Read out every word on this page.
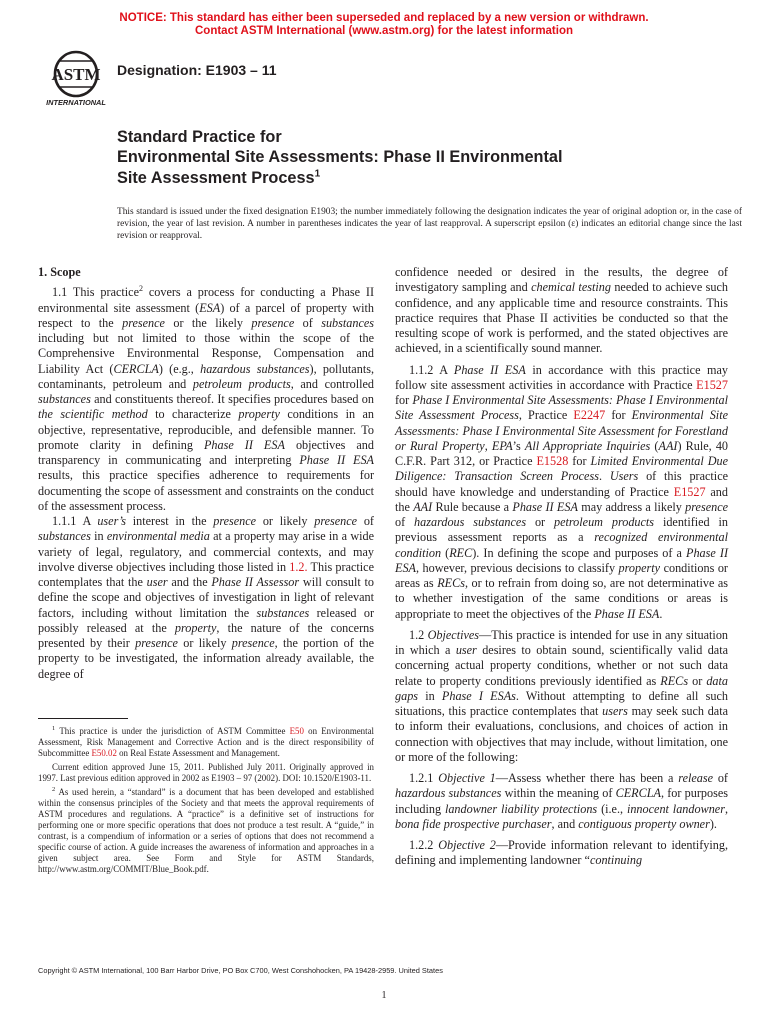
NOTICE: This standard has either been superseded and replaced by a new version or withdrawn.
Contact ASTM International (www.astm.org) for the latest information
ASTM
INTERNATIONAL
Designation: E1903 – 11
Standard Practice for
Environmental Site Assessments: Phase II Environmental
Site Assessment Process$^1$
This standard is issued under the fixed designation E1903; the number immediately following the designation indicates the year of original adoption or, in the case of revision, the year of last revision. A number in parentheses indicates the year of last reapproval. A superscript epsilon (ε) indicates an editorial change since the last revision or reapproval.
1. Scope

1.1 This practice$^2$ covers a process for conducting a Phase II environmental site assessment (ESA) of a parcel of property with respect to the presence or the likely presence of substances including but not limited to those within the scope of the Comprehensive Environmental Response, Compensation and Liability Act (CERCLA) (e.g., hazardous substances), pollutants, contaminants, petroleum and petroleum products, and controlled substances and constituents thereof. It specifies procedures based on the scientific method to characterize property conditions in an objective, representative, reproducible, and defensible manner. To promote clarity in defining Phase II ESA objectives and transparency in communicating and interpreting Phase II ESA results, this practice specifies adherence to requirements for documenting the scope of assessment and constraints on the conduct of the assessment process.

1.1.1 A user’s interest in the presence or likely presence of substances in environmental media at a property may arise in a wide variety of legal, regulatory, and commercial contexts, and may involve diverse objectives including those listed in 1.2. This practice contemplates that the user and the Phase II Assessor will consult to define the scope and objectives of investigation in light of relevant factors, including without limitation the substances released or possibly released at the property, the nature of the concerns presented by their presence or likely presence, the portion of the property to be investigated, the information already available, the degree of

$^1$ This practice is under the jurisdiction of ASTM Committee E50 on Environmental Assessment, Risk Management and Corrective Action and is the direct responsibility of Subcommittee E50.02 on Real Estate Assessment and Management.

Current edition approved June 15, 2011. Published July 2011. Originally approved in 1997. Last previous edition approved in 2002 as E1903 – 97 (2002). DOI: 10.1520/E1903-11.

$^2$ As used herein, a “standard” is a document that has been developed and established within the consensus principles of the Society and that meets the approval requirements of ASTM procedures and regulations. A “practice” is a definitive set of instructions for performing one or more specific operations that does not produce a test result. A “guide,” in contrast, is a compendium of information or a series of options that does not recommend a specific course of action. A guide increases the awareness of information and approaches in a given subject area. See Form and Style for ASTM Standards, http://www.astm.org/COMMIT/Blue_Book.pdf.

confidence needed or desired in the results, the degree of investigatory sampling and chemical testing needed to achieve such confidence, and any applicable time and resource constraints. This practice requires that Phase II activities be conducted so that the resulting scope of work is performed, and the stated objectives are achieved, in a scientifically sound manner.

1.1.2 A Phase II ESA in accordance with this practice may follow site assessment activities in accordance with Practice E1527 for Phase I Environmental Site Assessments: Phase I Environmental Site Assessment Process, Practice E2247 for Environmental Site Assessments: Phase I Environmental Site Assessment for Forestland or Rural Property, EPA’s All Appropriate Inquiries (AAI) Rule, 40 C.F.R. Part 312, or Practice E1528 for Limited Environmental Due Diligence: Transaction Screen Process. Users of this practice should have knowledge and understanding of Practice E1527 and the AAI Rule because a Phase II ESA may address a likely presence of hazardous substances or petroleum products identified in previous assessment reports as a recognized environmental condition (REC). In defining the scope and purposes of a Phase II ESA, however, previous decisions to classify property conditions or areas as RECs, or to refrain from doing so, are not determinative as to whether investigation of the same conditions or areas is appropriate to meet the objectives of the Phase II ESA.

1.2 Objectives—This practice is intended for use in any situation in which a user desires to obtain sound, scientifically valid data concerning actual property conditions, whether or not such data relate to property conditions previously identified as RECs or data gaps in Phase I ESAs. Without attempting to define all such situations, this practice contemplates that users may seek such data to inform their evaluations, conclusions, and choices of action in connection with objectives that may include, without limitation, one or more of the following:

1.2.1 Objective 1—Assess whether there has been a release of hazardous substances within the meaning of CERCLA, for purposes including landowner liability protections (i.e., innocent landowner, bona fide prospective purchaser, and contiguous property owner).

1.2.2 Objective 2—Provide information relevant to identifying, defining and implementing landowner “continuing

Copyright © ASTM International, 100 Barr Harbor Drive, PO Box C700, West Conshohocken, PA 19428-2959. United States
1
